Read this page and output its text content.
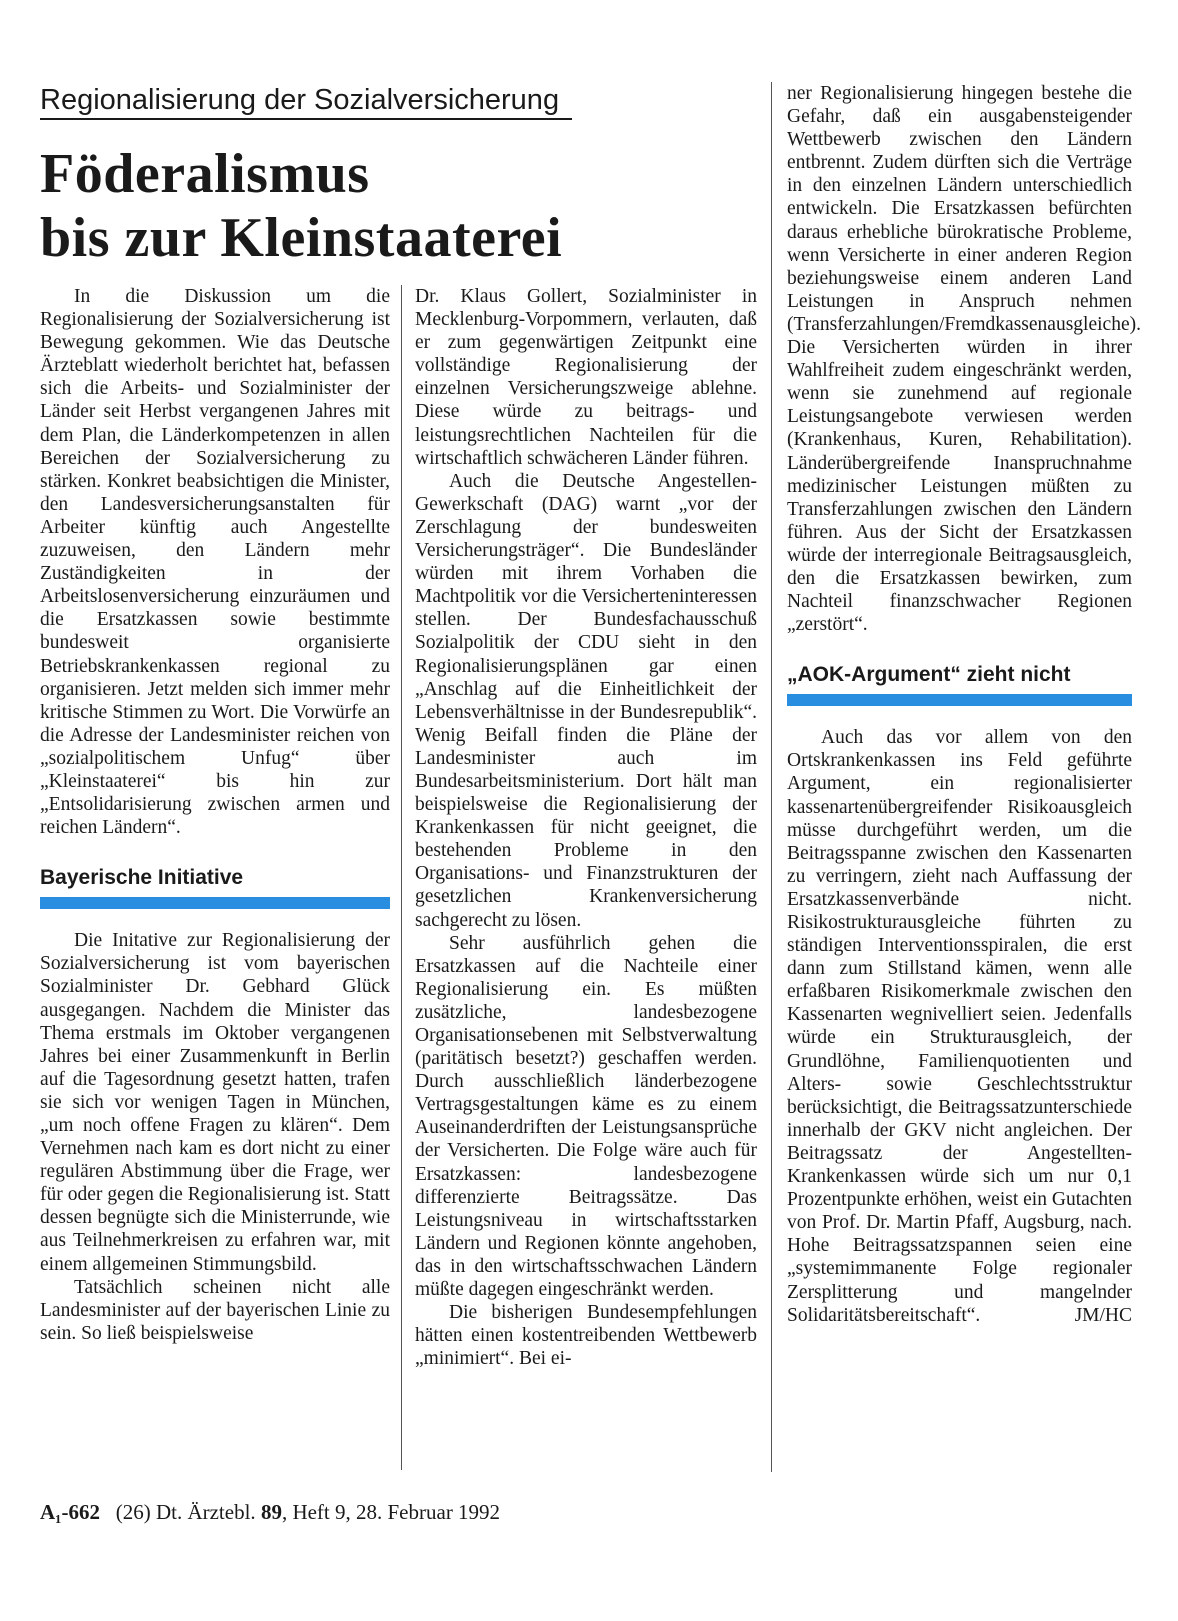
Regionalisierung der Sozialversicherung
Föderalismus
bis zur Kleinstaaterei

In die Diskussion um die Regionalisierung der Sozialversicherung ist Bewegung gekommen. Wie das Deutsche Ärzteblatt wiederholt berichtet hat, befassen sich die Arbeits- und Sozialminister der Länder seit Herbst vergangenen Jahres mit dem Plan, die Länderkompetenzen in allen Bereichen der Sozialversicherung zu stärken. Konkret beabsichtigen die Minister, den Landesversicherungsanstalten für Arbeiter künftig auch Angestellte zuzuweisen, den Ländern mehr Zuständigkeiten in der Arbeitslosenversicherung einzuräumen und die Ersatzkassen sowie bestimmte bundesweit organisierte Betriebskrankenkassen regional zu organisieren. Jetzt melden sich immer mehr kritische Stimmen zu Wort. Die Vorwürfe an die Adresse der Landesminister reichen von „sozialpolitischem Unfug“ über „Kleinstaaterei“ bis hin zur „Entsolidarisierung zwischen armen und reichen Ländern“.

Bayerische Initiative

Die Initative zur Regionalisierung der Sozialversicherung ist vom bayerischen Sozialminister Dr. Gebhard Glück ausgegangen. Nachdem die Minister das Thema erstmals im Oktober vergangenen Jahres bei einer Zusammenkunft in Berlin auf die Tagesordnung gesetzt hatten, trafen sie sich vor wenigen Tagen in München, „um noch offene Fragen zu klären“. Dem Vernehmen nach kam es dort nicht zu einer regulären Abstimmung über die Frage, wer für oder gegen die Regionalisierung ist. Statt dessen begnügte sich die Ministerrunde, wie aus Teilnehmerkreisen zu erfahren war, mit einem allgemeinen Stimmungsbild.

Tatsächlich scheinen nicht alle Landesminister auf der bayerischen Linie zu sein. So ließ beispielsweise

Dr. Klaus Gollert, Sozialminister in Mecklenburg-Vorpommern, verlauten, daß er zum gegenwärtigen Zeitpunkt eine vollständige Regionalisierung der einzelnen Versicherungszweige ablehne. Diese würde zu beitrags- und leistungsrechtlichen Nachteilen für die wirtschaftlich schwächeren Länder führen.

Auch die Deutsche Angestellen-Gewerkschaft (DAG) warnt „vor der Zerschlagung der bundesweiten Versicherungsträger“. Die Bundesländer würden mit ihrem Vorhaben die Machtpolitik vor die Versicherteninteressen stellen. Der Bundesfachausschuß Sozialpolitik der CDU sieht in den Regionalisierungsplänen gar einen „Anschlag auf die Einheitlichkeit der Lebensverhältnisse in der Bundesrepublik“. Wenig Beifall finden die Pläne der Landesminister auch im Bundesarbeitsministerium. Dort hält man beispielsweise die Regionalisierung der Krankenkassen für nicht geeignet, die bestehenden Probleme in den Organisations- und Finanzstrukturen der gesetzlichen Krankenversicherung sachgerecht zu lösen.

Sehr ausführlich gehen die Ersatzkassen auf die Nachteile einer Regionalisierung ein. Es müßten zusätzliche, landesbezogene Organisationsebenen mit Selbstverwaltung (paritätisch besetzt?) geschaffen werden. Durch ausschließlich länderbezogene Vertragsgestaltungen käme es zu einem Auseinanderdriften der Leistungsansprüche der Versicherten. Die Folge wäre auch für Ersatzkassen: landesbezogene differenzierte Beitragssätze. Das Leistungsniveau in wirtschaftsstarken Ländern und Regionen könnte angehoben, das in den wirtschaftsschwachen Ländern müßte dagegen eingeschränkt werden.

Die bisherigen Bundesempfehlungen hätten einen kostentreibenden Wettbewerb „minimiert“. Bei ei-

ner Regionalisierung hingegen bestehe die Gefahr, daß ein ausgabensteigender Wettbewerb zwischen den Ländern entbrennt. Zudem dürften sich die Verträge in den einzelnen Ländern unterschiedlich entwickeln. Die Ersatzkassen befürchten daraus erhebliche bürokratische Probleme, wenn Versicherte in einer anderen Region beziehungsweise einem anderen Land Leistungen in Anspruch nehmen (Transferzahlungen/Fremdkassenausgleiche). Die Versicherten würden in ihrer Wahlfreiheit zudem eingeschränkt werden, wenn sie zunehmend auf regionale Leistungsangebote verwiesen werden (Krankenhaus, Kuren, Rehabilitation). Länderübergreifende Inanspruchnahme medizinischer Leistungen müßten zu Transferzahlungen zwischen den Ländern führen. Aus der Sicht der Ersatzkassen würde der interregionale Beitragsausgleich, den die Ersatzkassen bewirken, zum Nachteil finanzschwacher Regionen „zerstört“.

„AOK-Argument“ zieht nicht

Auch das vor allem von den Ortskrankenkassen ins Feld geführte Argument, ein regionalisierter kassenartenübergreifender Risikoausgleich müsse durchgeführt werden, um die Beitragsspanne zwischen den Kassenarten zu verringern, zieht nach Auffassung der Ersatzkassenverbände nicht. Risikostrukturausgleiche führten zu ständigen Interventionsspiralen, die erst dann zum Stillstand kämen, wenn alle erfaßbaren Risikomerkmale zwischen den Kassenarten wegnivelliert seien. Jedenfalls würde ein Strukturausgleich, der Grundlöhne, Familienquotienten und Alters- sowie Geschlechtsstruktur berücksichtigt, die Beitragssatzunterschiede innerhalb der GKV nicht angleichen. Der Beitragssatz der Angestellten-Krankenkassen würde sich um nur 0,1 Prozentpunkte erhöhen, weist ein Gutachten von Prof. Dr. Martin Pfaff, Augsburg, nach. Hohe Beitragssatzspannen seien eine „systemimmanente Folge regionaler Zersplitterung und mangelnder Solidaritätsbereitschaft“.	JM/HC

A₁-662 (26) Dt. Ärztebl. 89, Heft 9, 28. Februar 1992
